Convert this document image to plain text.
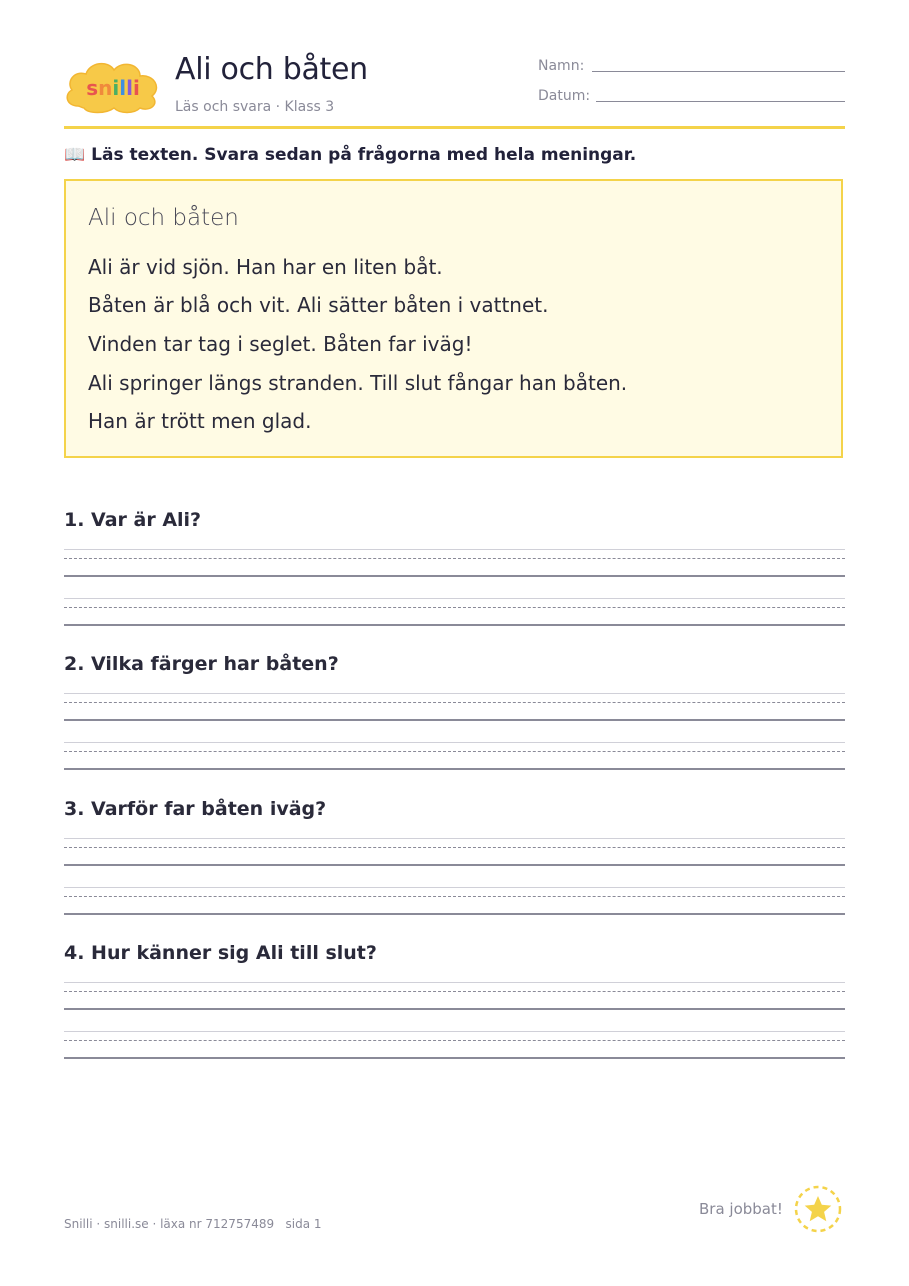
snilli
Ali och båten
Läs och svara · Klass 3
Namn:
Datum:
📖 Läs texten. Svara sedan på frågorna med hela meningar.
Ali och båten
Ali är vid sjön. Han har en liten båt.
Båten är blå och vit. Ali sätter båten i vattnet.
Vinden tar tag i seglet. Båten far iväg!
Ali springer längs stranden. Till slut fångar han båten.
Han är trött men glad.
1. Var är Ali?
2. Vilka färger har båten?
3. Varför far båten iväg?
4. Hur känner sig Ali till slut?
Snilli · snilli.se · läxa nr 712757489   sida 1
Bra jobbat!
